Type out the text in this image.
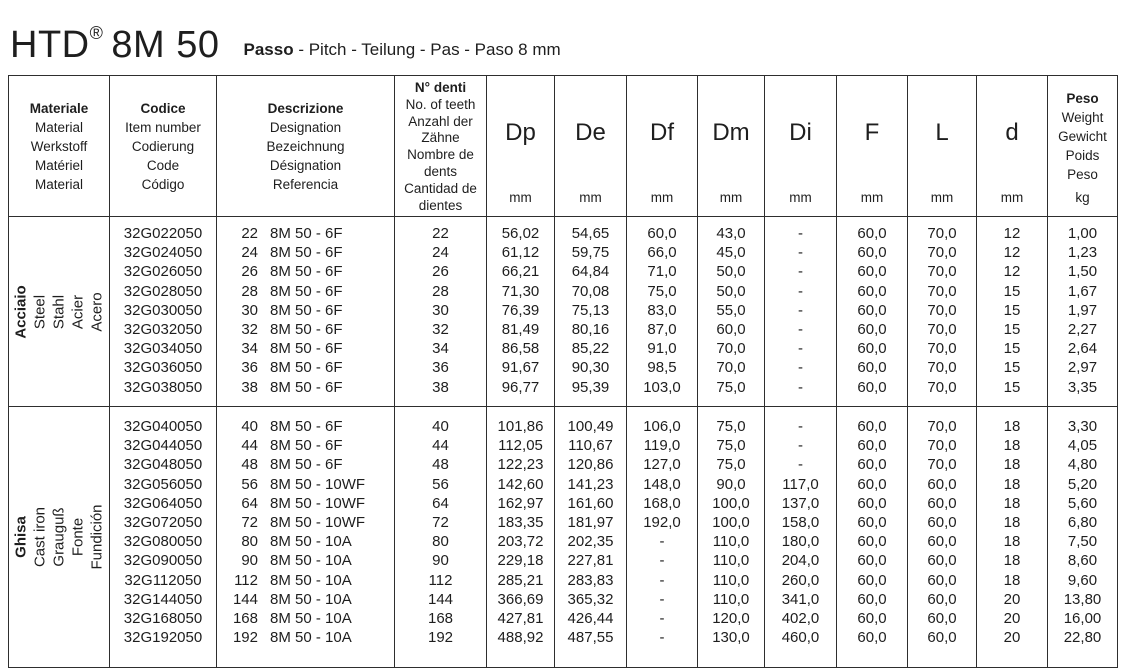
HTD® 8M 50 Passo - Pitch - Teilung - Pas - Paso 8 mm
Materiale
Material
Werkstoff
Matériel
Material
Codice
Item number
Codierung
Code
Código
Descrizione
Designation
Bezeichnung
Désignation
Referencia
N° denti
No. of teeth
Anzahl der
Zähne
Nombre de
dents
Cantidad de
dientes
Dp
mm
De
mm
Df
mm
Dm
mm
Di
mm
F
mm
L
mm
d
mm
Peso
Weight
Gewicht
Poids
Peso
kg
Acciaio Steel Stahl Acier Acero
32G022050
32G024050
32G026050
32G028050
32G030050
32G032050
32G034050
32G036050
32G038050
22 8M 50 - 6F
24 8M 50 - 6F
26 8M 50 - 6F
28 8M 50 - 6F
30 8M 50 - 6F
32 8M 50 - 6F
34 8M 50 - 6F
36 8M 50 - 6F
38 8M 50 - 6F
22
24
26
28
30
32
34
36
38
56,02
61,12
66,21
71,30
76,39
81,49
86,58
91,67
96,77
54,65
59,75
64,84
70,08
75,13
80,16
85,22
90,30
95,39
60,0
66,0
71,0
75,0
83,0
87,0
91,0
98,5
103,0
43,0
45,0
50,0
50,0
55,0
60,0
70,0
70,0
75,0
-
-
-
-
-
-
-
-
-
60,0
60,0
60,0
60,0
60,0
60,0
60,0
60,0
60,0
70,0
70,0
70,0
70,0
70,0
70,0
70,0
70,0
70,0
12
12
12
15
15
15
15
15
15
1,00
1,23
1,50
1,67
1,97
2,27
2,64
2,97
3,35
Ghisa Cast iron Grauguß Fonte Fundición
32G040050
32G044050
32G048050
32G056050
32G064050
32G072050
32G080050
32G090050
32G112050
32G144050
32G168050
32G192050
40 8M 50 - 6F
44 8M 50 - 6F
48 8M 50 - 6F
56 8M 50 - 10WF
64 8M 50 - 10WF
72 8M 50 - 10WF
80 8M 50 - 10A
90 8M 50 - 10A
112 8M 50 - 10A
144 8M 50 - 10A
168 8M 50 - 10A
192 8M 50 - 10A
40
44
48
56
64
72
80
90
112
144
168
192
101,86
112,05
122,23
142,60
162,97
183,35
203,72
229,18
285,21
366,69
427,81
488,92
100,49
110,67
120,86
141,23
161,60
181,97
202,35
227,81
283,83
365,32
426,44
487,55
106,0
119,0
127,0
148,0
168,0
192,0
-
-
-
-
-
-
75,0
75,0
75,0
90,0
100,0
100,0
110,0
110,0
110,0
110,0
120,0
130,0
-
-
-
117,0
137,0
158,0
180,0
204,0
260,0
341,0
402,0
460,0
60,0
60,0
60,0
60,0
60,0
60,0
60,0
60,0
60,0
60,0
60,0
60,0
70,0
70,0
70,0
60,0
60,0
60,0
60,0
60,0
60,0
60,0
60,0
60,0
18
18
18
18
18
18
18
18
18
20
20
20
3,30
4,05
4,80
5,20
5,60
6,80
7,50
8,60
9,60
13,80
16,00
22,80
